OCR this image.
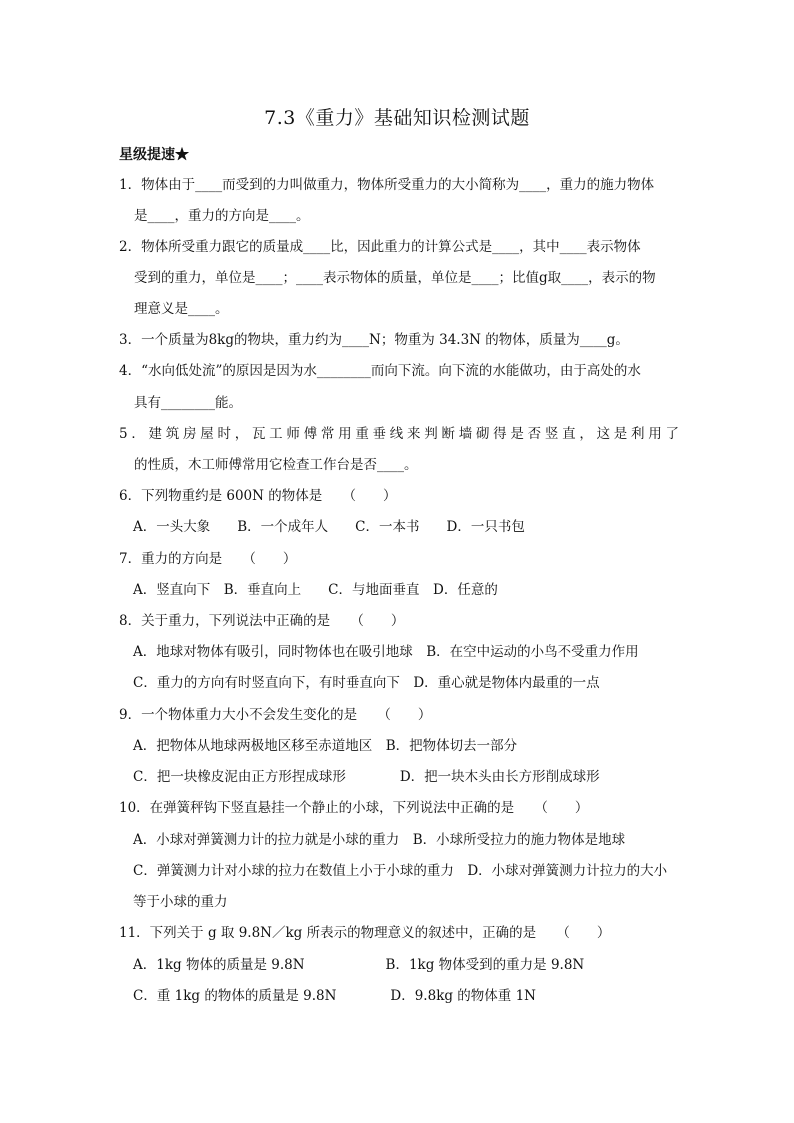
7.3《重力》基础知识检测试题
星级提速★
1．物体由于____而受到的力叫做重力，物体所受重力的大小简称为____，重力的施力物体
是____，重力的方向是____。
2．物体所受重力跟它的质量成____比，因此重力的计算公式是____，其中____表示物体
受到的重力，单位是____；____表示物体的质量，单位是____；比值g取____，表示的物
理意义是____。
3．一个质量为8kg的物块，重力约为____N；物重为 34.3N 的物体，质量为____g。
4．“水向低处流”的原因是因为水________而向下流。向下流的水能做功，由于高处的水
具有________能。
5．建筑房屋时，瓦工师傅常用重垂线来判断墙砌得是否竖直，这是利用了
的性质，木工师傅常用它检查工作台是否____。
6．下列物重约是 600N 的物体是　　（　　）
A．一头大象　　B．一个成年人　　C．一本书　　D．一只书包
7．重力的方向是　　（　　）
A．竖直向下　B．垂直向上　　C．与地面垂直　D．任意的
8．关于重力，下列说法中正确的是　　（　　）
A．地球对物体有吸引，同时物体也在吸引地球　B．在空中运动的小鸟不受重力作用
C．重力的方向有时竖直向下，有时垂直向下　D．重心就是物体内最重的一点
9．一个物体重力大小不会发生变化的是　　（　　）
A．把物体从地球两极地区移至赤道地区　B．把物体切去一部分
C．把一块橡皮泥由正方形捏成球形　　　　D．把一块木头由长方形削成球形
10．在弹簧秤钩下竖直悬挂一个静止的小球，下列说法中正确的是　　（　　）
A．小球对弹簧测力计的拉力就是小球的重力　B．小球所受拉力的施力物体是地球
C．弹簧测力计对小球的拉力在数值上小于小球的重力　D．小球对弹簧测力计拉力的大小
等于小球的重力
11．下列关于 g 取 9.8N／kg 所表示的物理意义的叙述中，正确的是　　（　　）
A．1kg 物体的质量是 9.8N　　　　　　B．1kg 物体受到的重力是 9.8N
C．重 1kg 的物体的质量是 9.8N　　　　D．9.8kg 的物体重 1N
